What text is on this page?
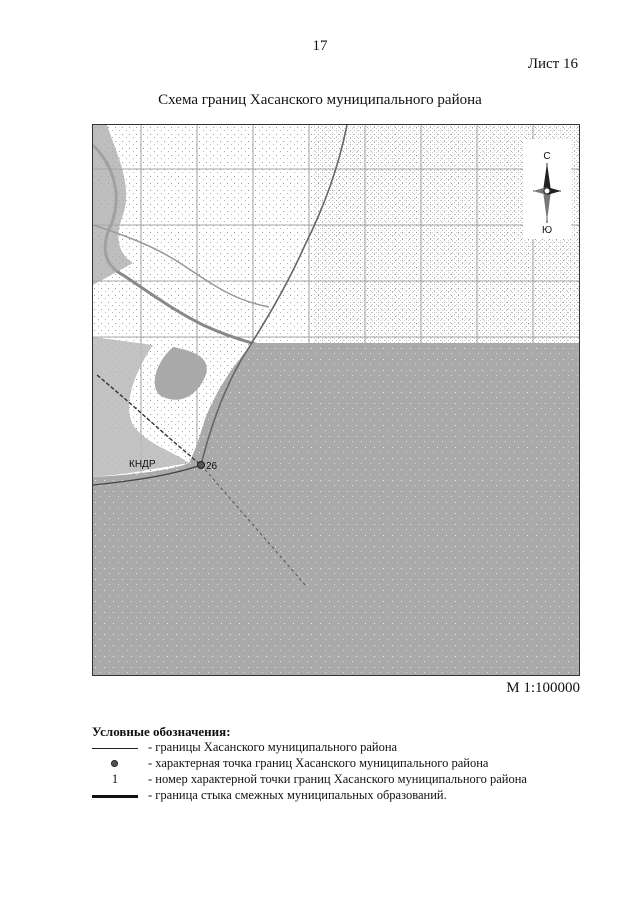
17
Лист 16
Схема границ Хасанского муниципального района
С
Ю
26
КНДР
М 1:100000
Условные обозначения:
- границы Хасанского муниципального района
- характерная точка границ Хасанского муниципального района
1	- номер характерной точки границ Хасанского муниципального района
- граница стыка смежных муниципальных образований.
